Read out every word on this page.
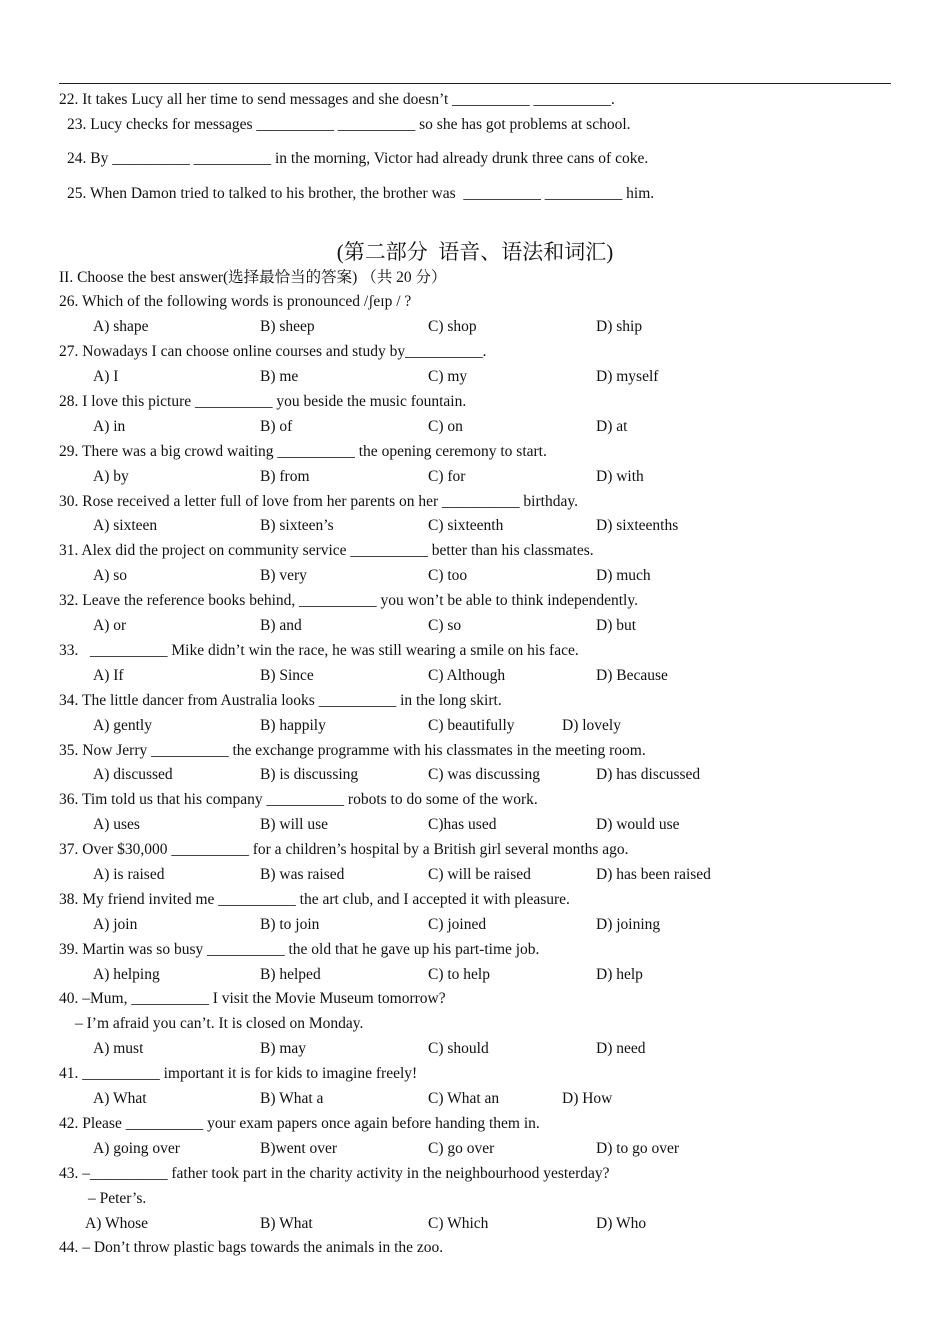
22. It takes Lucy all her time to send messages and she doesn’t __________ __________.
23. Lucy checks for messages __________ __________ so she has got problems at school.
24. By __________ __________ in the morning, Victor had already drunk three cans of coke.
25. When Damon tried to talked to his brother, the brother was  __________ __________ him.
(第二部分  语音、语法和词汇)
II. Choose the best answer(选择最恰当的答案) （共 20 分）
26. Which of the following words is pronounced /ʃeɪp / ?
A) shape	B) sheep	C) shop	D) ship
27. Nowadays I can choose online courses and study by__________.
A) I	B) me	C) my	D) myself
28. I love this picture __________ you beside the music fountain.
A) in	B) of	C) on	D) at
29. There was a big crowd waiting __________ the opening ceremony to start.
A) by	B) from	C) for	D) with
30. Rose received a letter full of love from her parents on her __________ birthday.
A) sixteen	B) sixteen’s	C) sixteenth	D) sixteenths
31. Alex did the project on community service __________ better than his classmates.
A) so	B) very	C) too	D) much
32. Leave the reference books behind, __________ you won’t be able to think independently.
A) or	B) and	C) so	D) but
33.   __________ Mike didn’t win the race, he was still wearing a smile on his face.
A) If	B) Since	C) Although	D) Because
34. The little dancer from Australia looks __________ in the long skirt.
A) gently	B) happily	C) beautifully	D) lovely
35. Now Jerry __________ the exchange programme with his classmates in the meeting room.
A) discussed	B) is discussing	C) was discussing	D) has discussed
36. Tim told us that his company __________ robots to do some of the work.
A) uses	B) will use	C)has used	D) would use
37. Over $30,000 __________ for a children’s hospital by a British girl several months ago.
A) is raised	B) was raised	C) will be raised	D) has been raised
38. My friend invited me __________ the art club, and I accepted it with pleasure.
A) join	B) to join	C) joined	D) joining
39. Martin was so busy __________ the old that he gave up his part-time job.
A) helping	B) helped	C) to help	D) help
40. –Mum, __________ I visit the Movie Museum tomorrow?
– I’m afraid you can’t. It is closed on Monday.
A) must	B) may	C) should	D) need
41. __________ important it is for kids to imagine freely!
A) What	B) What a	C) What an	D) How
42. Please __________ your exam papers once again before handing them in.
A) going over	B)went over	C) go over	D) to go over
43. –__________ father took part in the charity activity in the neighbourhood yesterday?
– Peter’s.
A) Whose	B) What	C) Which	D) Who
44. – Don’t throw plastic bags towards the animals in the zoo.
